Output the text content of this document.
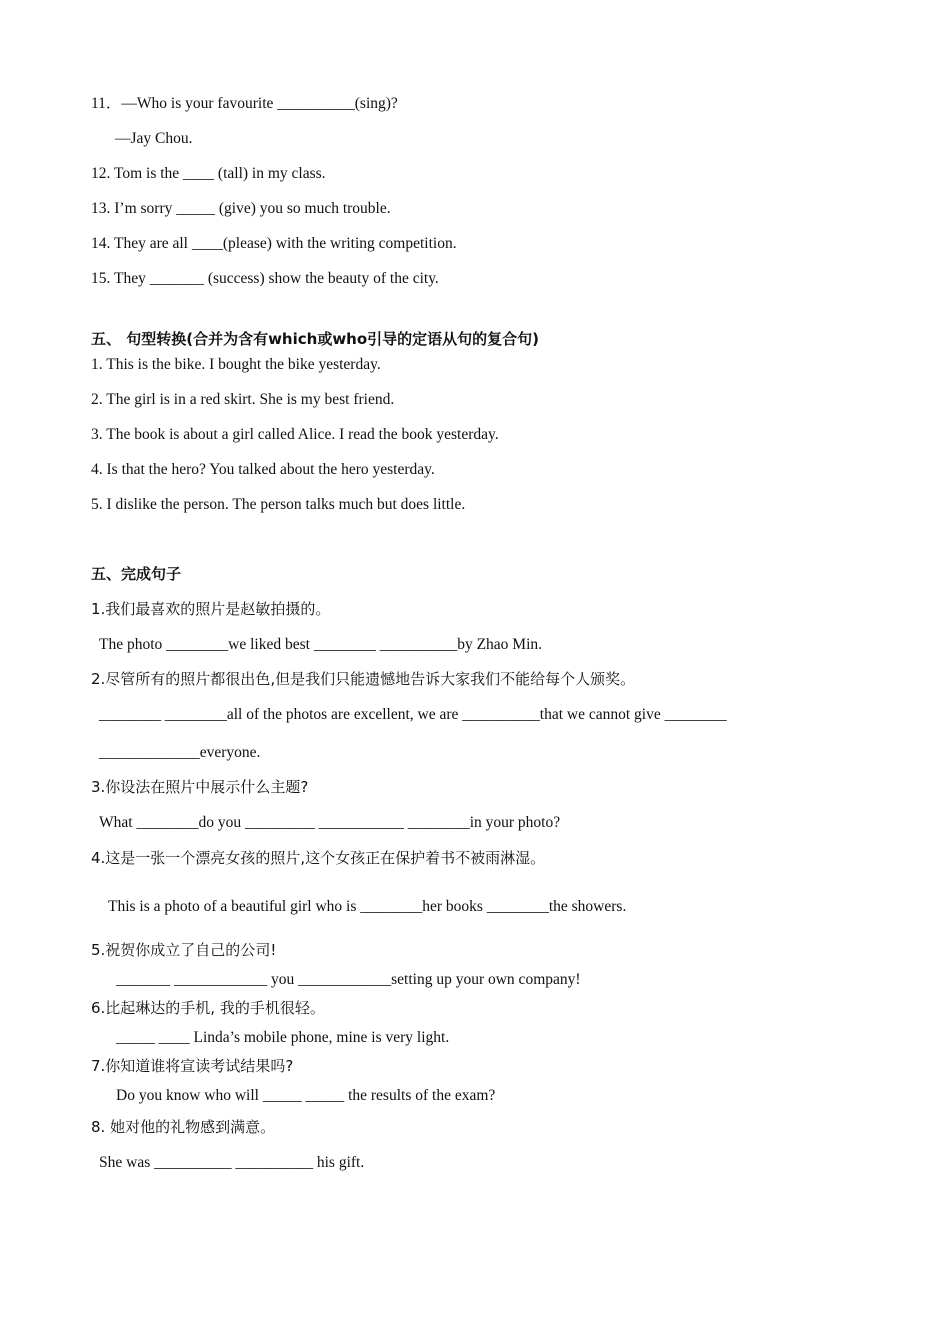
11．—Who is your favourite __________(sing)?
—Jay Chou.
12. Tom is the ____ (tall) in my class.
13. I’m sorry _____ (give) you so much trouble.
14. They are all ____(please) with the writing competition.
15. They _______ (success) show the beauty of the city.
五、 句型转换(合并为含有which或who引导的定语从句的复合句)
1. This is the bike. I bought the bike yesterday.
2. The girl is in a red skirt. She is my best friend.
3. The book is about a girl called Alice. I read the book yesterday.
4. Is that the hero? You talked about the hero yesterday.
5. I dislike the person. The person talks much but does little.
五、完成句子
1.我们最喜欢的照片是赵敏拍摄的。
The photo ________we liked best ________ __________by Zhao Min.
2.尽管所有的照片都很出色,但是我们只能遗憾地告诉大家我们不能给每个人颁奖。
________ ________all of the photos are excellent, we are __________that we cannot give ________
_____________everyone.
3.你设法在照片中展示什么主题?
What ________do you _________ ___________ ________in your photo?
4.这是一张一个漂亮女孩的照片,这个女孩正在保护着书不被雨淋湿。
This is a photo of a beautiful girl who is ________her books ________the showers.
5.祝贺你成立了自己的公司!
_______ ____________ you ____________setting up your own company!
6.比起琳达的手机, 我的手机很轻。
_____ ____ Linda’s mobile phone, mine is very light.
7.你知道谁将宣读考试结果吗?
Do you know who will _____ _____ the results of the exam?
8. 她对他的礼物感到满意。
She was __________ __________ his gift.
